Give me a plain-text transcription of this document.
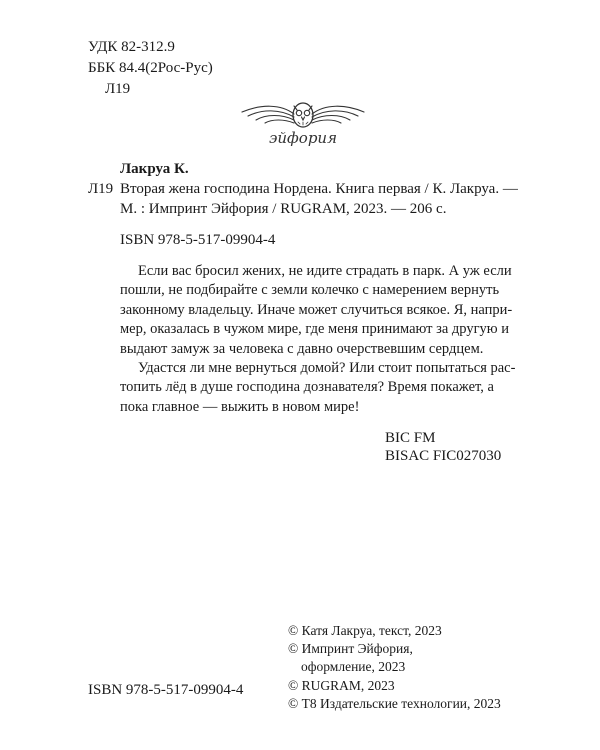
УДК 82-312.9
ББК 84.4(2Рос-Рус)
Л19
эйфория
Лакруа К.
Л19 Вторая жена господина Нордена. Книга первая / К. Лакруа. —
М. : Импринт Эйфория / RUGRAM, 2023. — 206 с.
ISBN 978-5-517-09904-4
Если вас бросил жених, не идите страдать в парк. А уж если
пошли, не подбирайте с земли колечко с намерением вернуть
законному владельцу. Иначе может случиться всякое. Я, напри-
мер, оказалась в чужом мире, где меня принимают за другую и
выдают замуж за человека с давно очерствевшим сердцем.
Удастся ли мне вернуться домой? Или стоит попытаться рас-
топить лёд в душе господина дознавателя? Время покажет, а
пока главное — выжить в новом мире!
BIC FM
BISAC FIC027030
© Катя Лакруа, текст, 2023
© Импринт Эйфория,
оформление, 2023
© RUGRAM, 2023
© Т8 Издательские технологии, 2023
ISBN 978-5-517-09904-4
